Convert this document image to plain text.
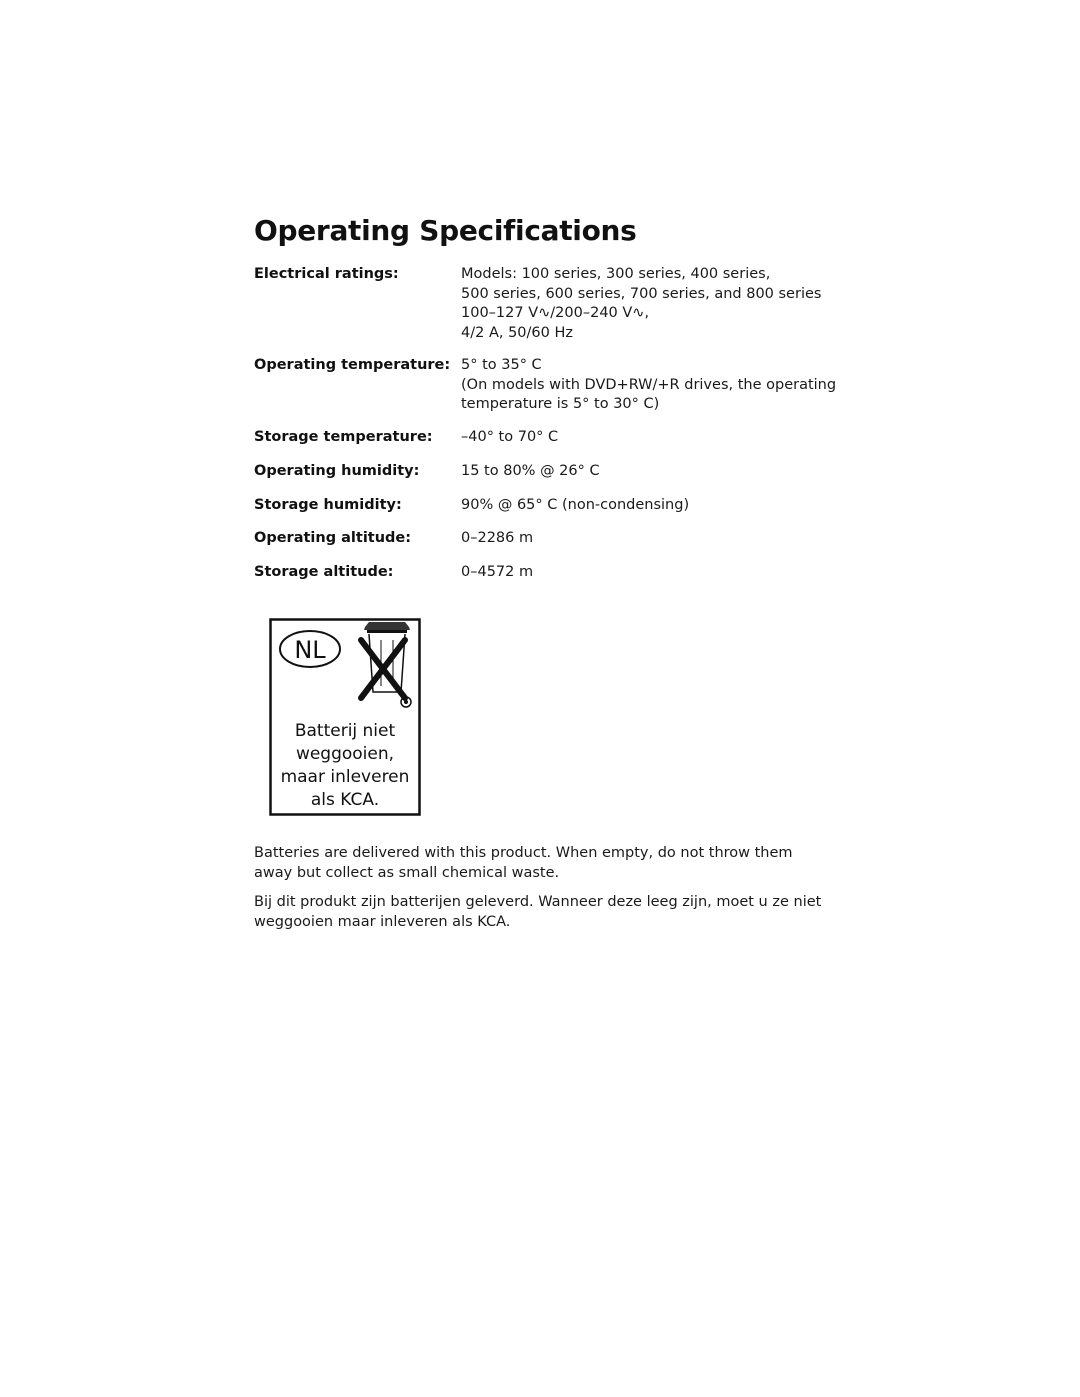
Operating Specifications
Electrical ratings:	Models: 100 series, 300 series, 400 series,
500 series, 600 series, 700 series, and 800 series
100–127 V∿/200–240 V∿,
4/2 A, 50/60 Hz
Operating temperature: 5° to 35° C
(On models with DVD+RW/+R drives, the operating
temperature is 5° to 30° C)
Storage temperature: –40° to 70° C
Operating humidity:	15 to 80% @ 26° C
Storage humidity:	90% @ 65° C (non-condensing)
Operating altitude:	0–2286 m
Storage altitude:	0–4572 m
NL
Batterij niet
weggooien,
maar inleveren
als KCA.

Batteries are delivered with this product. When empty, do not throw them away but collect as small chemical waste.

Bij dit produkt zijn batterijen geleverd. Wanneer deze leeg zijn, moet u ze niet weggooien maar inleveren als KCA.
